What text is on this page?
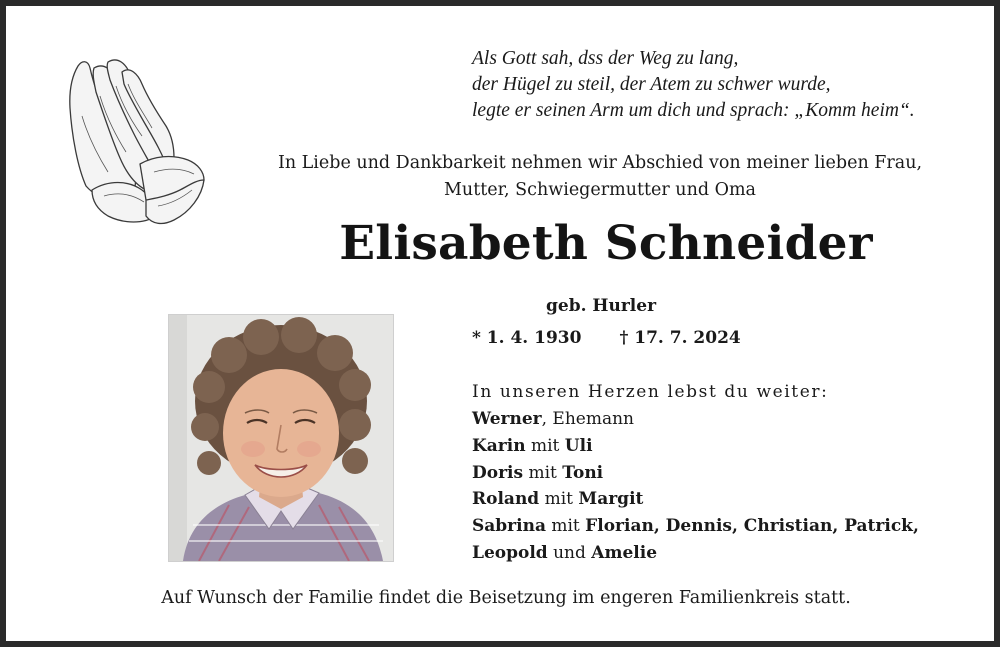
Als Gott sah, dss der Weg zu lang,
der Hügel zu steil, der Atem zu schwer wurde,
legte er seinen Arm um dich und sprach: „Komm heim“.
In Liebe und Dankbarkeit nehmen wir Abschied von meiner lieben Frau,
Mutter, Schwiegermutter und Oma
Elisabeth Schneider
geb. Hurler
* 1. 4. 1930 † 17. 7. 2024
In unseren Herzen lebst du weiter:
Werner, Ehemann
Karin mit Uli
Doris mit Toni
Roland mit Margit
Sabrina mit Florian, Dennis, Christian, Patrick,
Leopold und Amelie
Auf Wunsch der Familie findet die Beisetzung im engeren Familienkreis statt.
